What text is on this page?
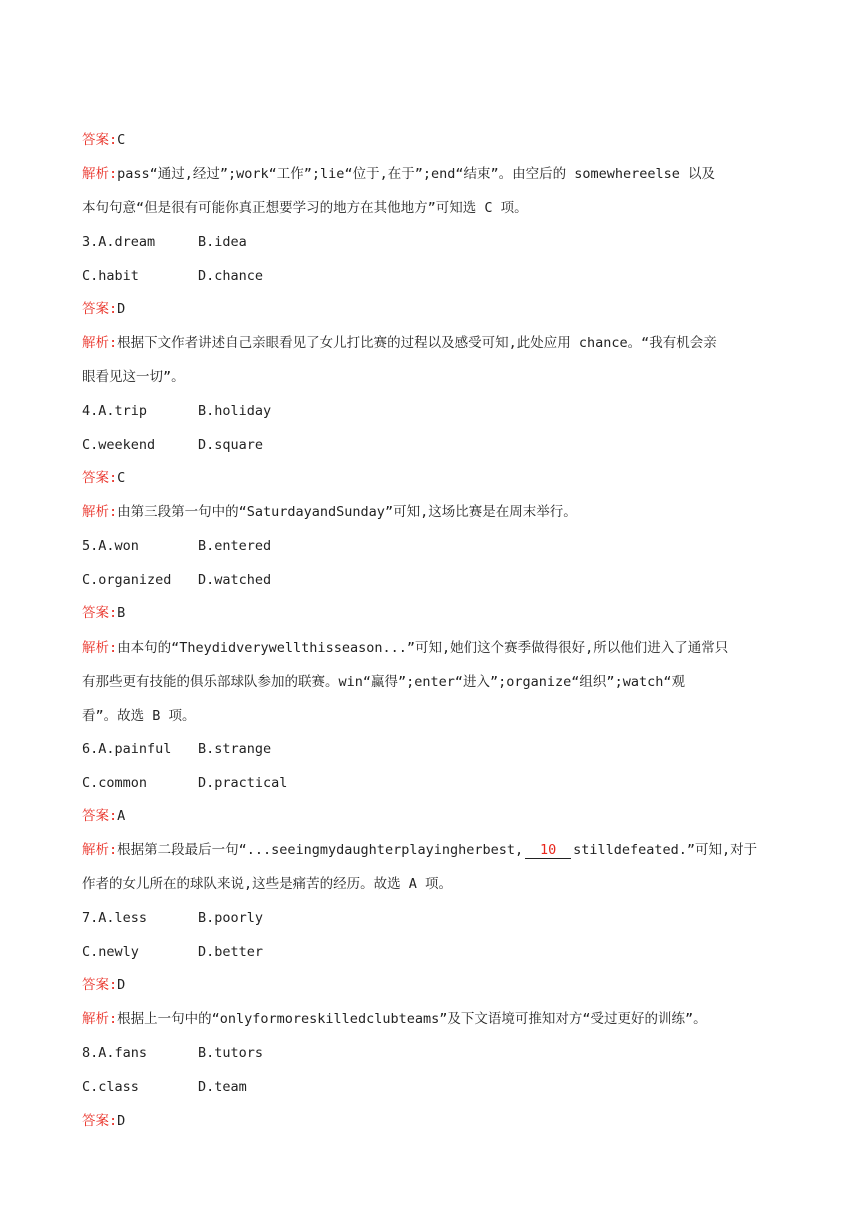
答案:C
解析:pass“通过,经过”;work“工作”;lie“位于,在于”;end“结束”。由空后的 somewhereelse 以及
本句句意“但是很有可能你真正想要学习的地方在其他地方”可知选 C 项。
3.A.dream	B.idea
C.habit	D.chance
答案:D
解析:根据下文作者讲述自己亲眼看见了女儿打比赛的过程以及感受可知,此处应用 chance。“我有机会亲
眼看见这一切”。
4.A.trip	B.holiday
C.weekend	D.square
答案:C
解析:由第三段第一句中的“SaturdayandSunday”可知,这场比赛是在周末举行。
5.A.won	B.entered
C.organized D.watched
答案:B
解析:由本句的“Theydidverywellthisseason...”可知,她们这个赛季做得很好,所以他们进入了通常只
有那些更有技能的俱乐部球队参加的联赛。win“赢得”;enter“进入”;organize“组织”;watch“观
看”。故选 B 项。
6.A.painful B.strange
C.common	D.practical
答案:A
解析:根据第二段最后一句“...seeingmydaughterplayingherbest, 10 stilldefeated.”可知,对于
作者的女儿所在的球队来说,这些是痛苦的经历。故选 A 项。
7.A.less	B.poorly
C.newly	D.better
答案:D
解析:根据上一句中的“onlyformoreskilledclubteams”及下文语境可推知对方“受过更好的训练”。
8.A.fans	B.tutors
C.class	D.team
答案:D
